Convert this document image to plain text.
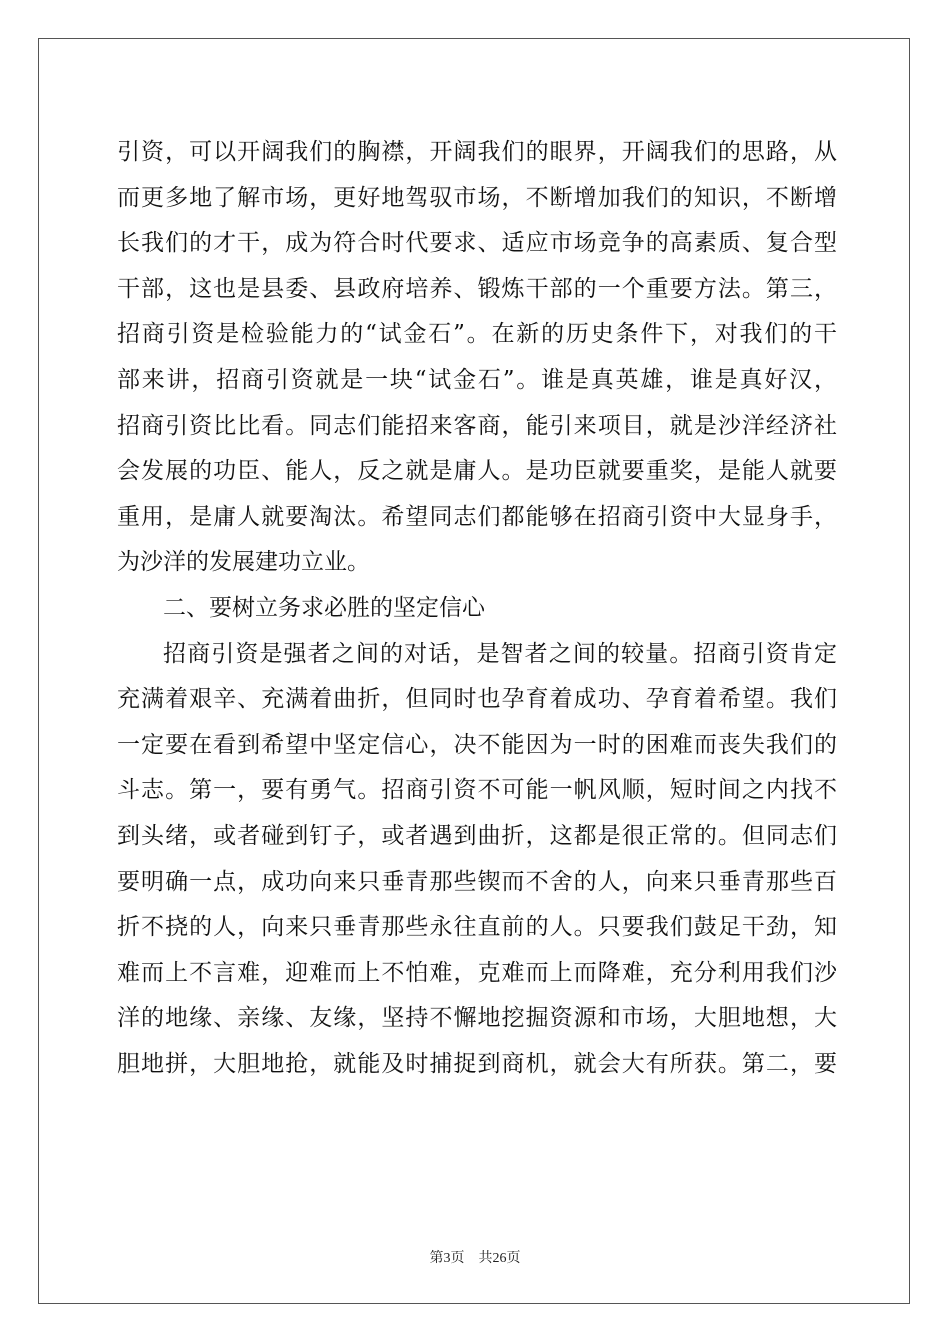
引资，可以开阔我们的胸襟，开阔我们的眼界，开阔我们的思路，从
而更多地了解市场，更好地驾驭市场，不断增加我们的知识，不断增
长我们的才干，成为符合时代要求、适应市场竞争的高素质、复合型
干部，这也是县委、县政府培养、锻炼干部的一个重要方法。第三，
招商引资是检验能力的“试金石”。在新的历史条件下，对我们的干
部来讲，招商引资就是一块“试金石”。谁是真英雄，谁是真好汉，
招商引资比比看。同志们能招来客商，能引来项目，就是沙洋经济社
会发展的功臣、能人，反之就是庸人。是功臣就要重奖，是能人就要
重用，是庸人就要淘汰。希望同志们都能够在招商引资中大显身手，
为沙洋的发展建功立业。
二、要树立务求必胜的坚定信心
招商引资是强者之间的对话，是智者之间的较量。招商引资肯定
充满着艰辛、充满着曲折，但同时也孕育着成功、孕育着希望。我们
一定要在看到希望中坚定信心，决不能因为一时的困难而丧失我们的
斗志。第一，要有勇气。招商引资不可能一帆风顺，短时间之内找不
到头绪，或者碰到钉子，或者遇到曲折，这都是很正常的。但同志们
要明确一点，成功向来只垂青那些锲而不舍的人，向来只垂青那些百
折不挠的人，向来只垂青那些永往直前的人。只要我们鼓足干劲，知
难而上不言难，迎难而上不怕难，克难而上而降难，充分利用我们沙
洋的地缘、亲缘、友缘，坚持不懈地挖掘资源和市场，大胆地想，大
胆地拼，大胆地抢，就能及时捕捉到商机，就会大有所获。第二，要
第3页　共26页
